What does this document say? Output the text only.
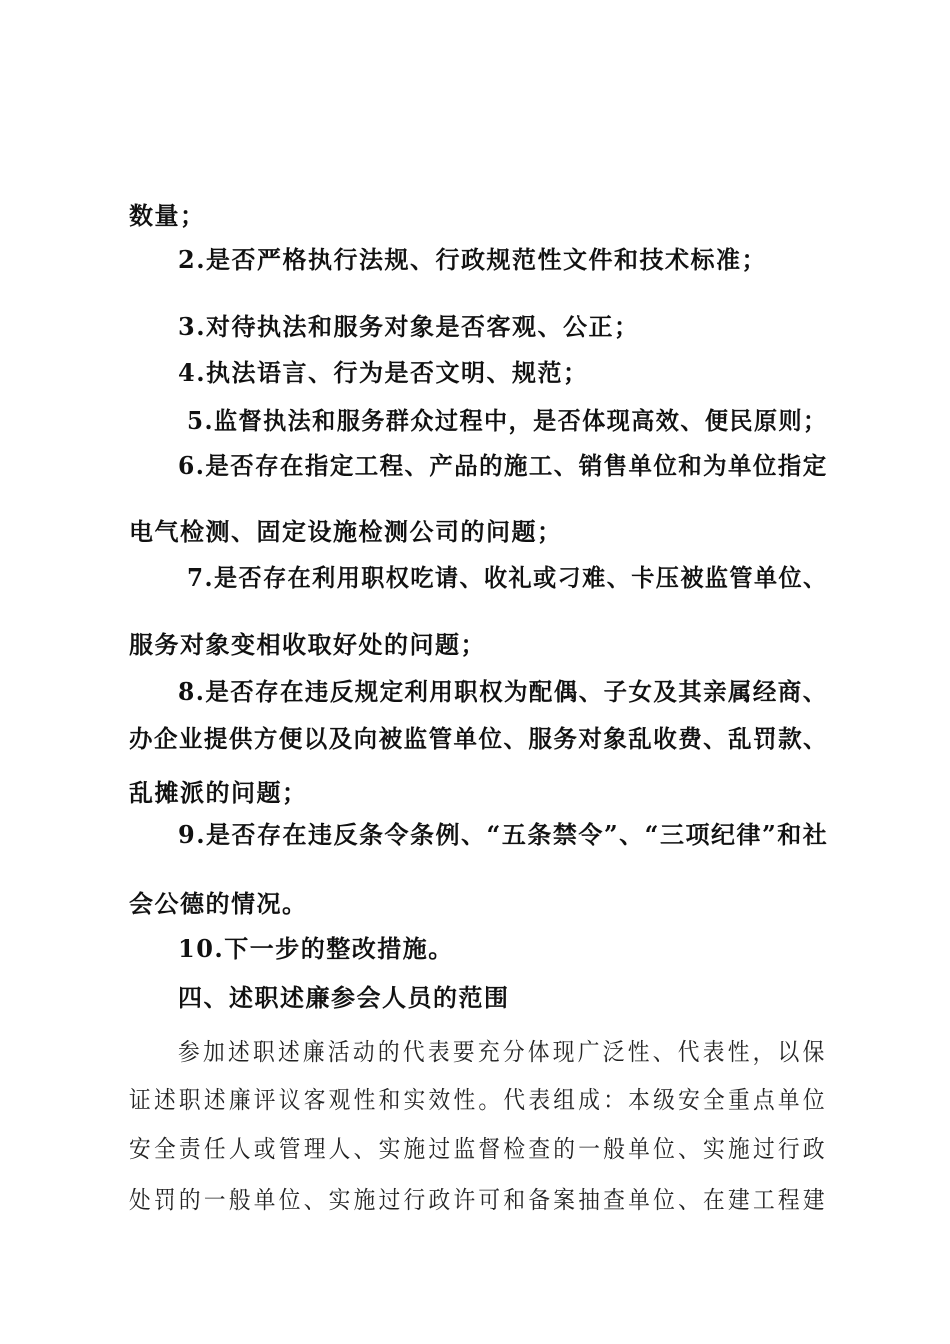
数量；
2.是否严格执行法规、行政规范性文件和技术标准；
3.对待执法和服务对象是否客观、公正；
4.执法语言、行为是否文明、规范；
5.监督执法和服务群众过程中，是否体现高效、便民原则；
6.是否存在指定工程、产品的施工、销售单位和为单位指定
电气检测、固定设施检测公司的问题；
7.是否存在利用职权吃请、收礼或刁难、卡压被监管单位、
服务对象变相收取好处的问题；
8.是否存在违反规定利用职权为配偶、子女及其亲属经商、
办企业提供方便以及向被监管单位、服务对象乱收费、乱罚款、
乱摊派的问题；
9.是否存在违反条令条例、“五条禁令”、“三项纪律”和社
会公德的情况。
10.下一步的整改措施。
四、述职述廉参会人员的范围
参加述职述廉活动的代表要充分体现广泛性、代表性，以保
证述职述廉评议客观性和实效性。代表组成：本级安全重点单位
安全责任人或管理人、实施过监督检查的一般单位、实施过行政
处罚的一般单位、实施过行政许可和备案抽查单位、在建工程建
